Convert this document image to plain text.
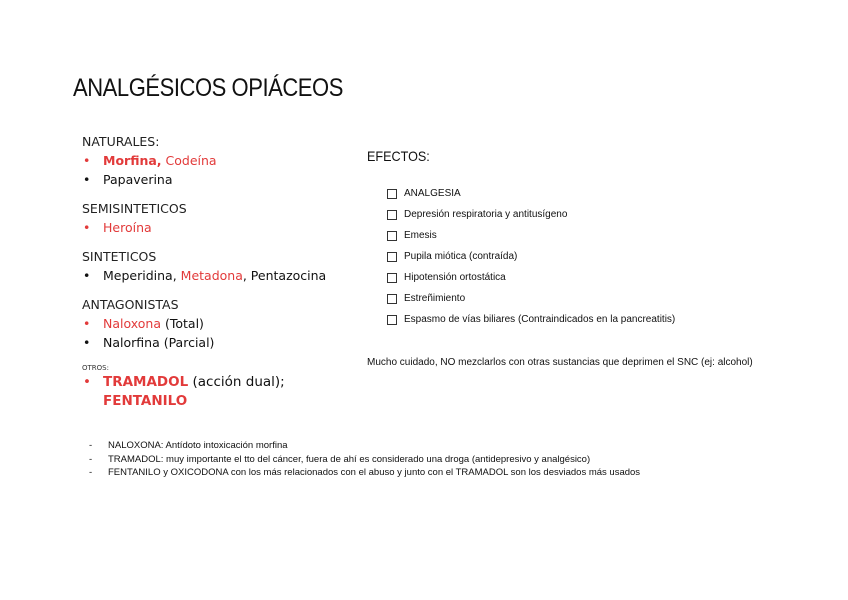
ANALGÉSICOS OPIÁCEOS
NATURALES:
• Morfina, Codeína
• Papaverina
SEMISINTETICOS
• Heroína
SINTETICOS
• Meperidina, Metadona, Pentazocina
ANTAGONISTAS
• Naloxona (Total)
• Nalorfina (Parcial)
OTROS:
• TRAMADOL (acción dual); FENTANILO
EFECTOS:
ANALGESIA
Depresión respiratoria y antitusígeno
Emesis
Pupila miótica (contraída)
Hipotensión ortostática
Estreñimiento
Espasmo de vías biliares (Contraindicados en la pancreatitis)
Mucho cuidado, NO mezclarlos con otras sustancias que deprimen el SNC (ej: alcohol)
- NALOXONA: Antídoto intoxicación morfina
- TRAMADOL: muy importante el tto del cáncer, fuera de ahí es considerado una droga (antidepresivo y analgésico)
- FENTANILO y OXICODONA con los más relacionados con el abuso y junto con el TRAMADOL son los desviados más usados
